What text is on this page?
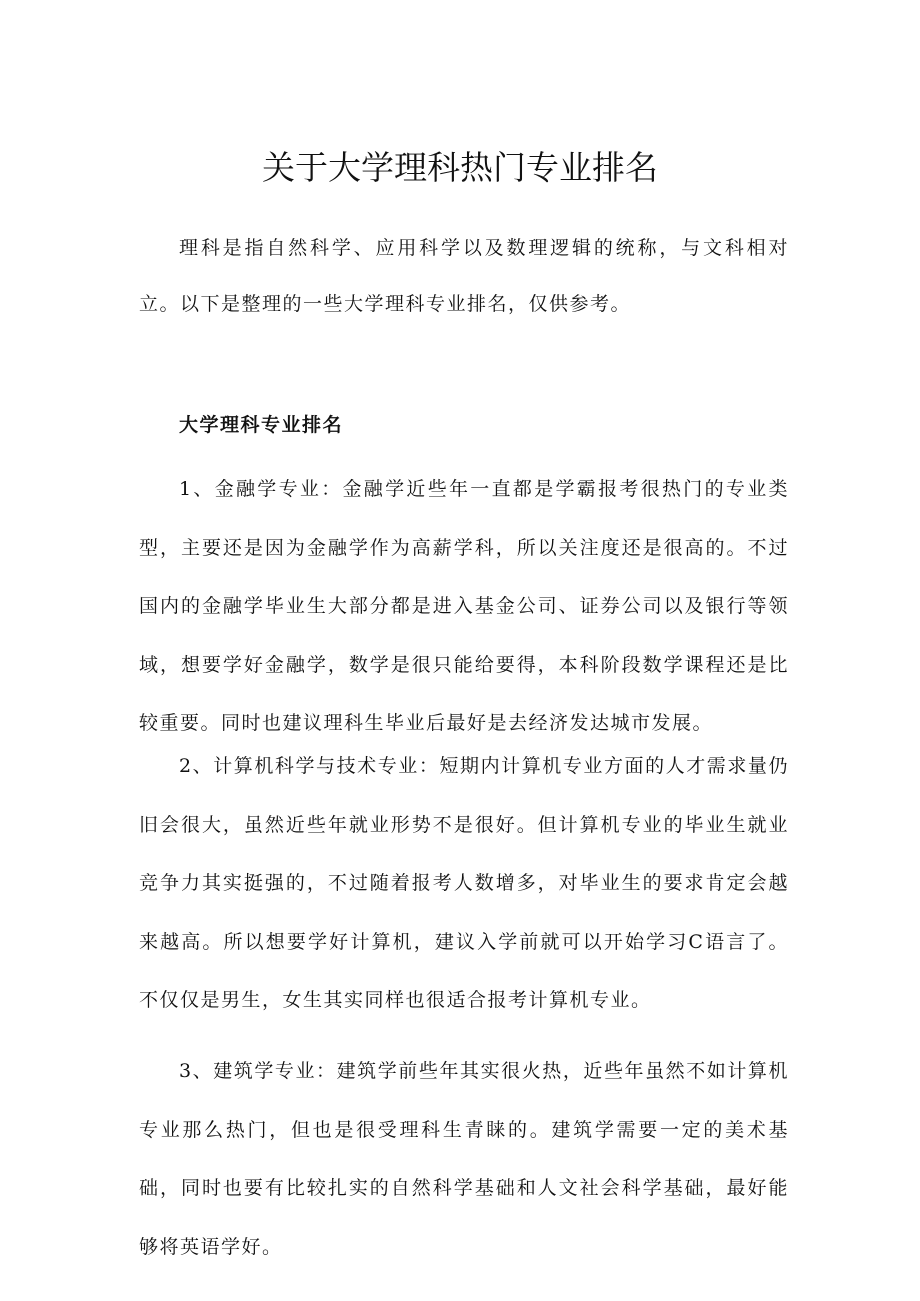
关于大学理科热门专业排名

理科是指自然科学、应用科学以及数理逻辑的统称，与文科相对立。以下是整理的一些大学理科专业排名，仅供参考。

大学理科专业排名

1、金融学专业：金融学近些年一直都是学霸报考很热门的专业类型，主要还是因为金融学作为高薪学科，所以关注度还是很高的。不过国内的金融学毕业生大部分都是进入基金公司、证券公司以及银行等领域，想要学好金融学，数学是很只能给要得，本科阶段数学课程还是比较重要。同时也建议理科生毕业后最好是去经济发达城市发展。

2、计算机科学与技术专业：短期内计算机专业方面的人才需求量仍旧会很大，虽然近些年就业形势不是很好。但计算机专业的毕业生就业竞争力其实挺强的，不过随着报考人数增多，对毕业生的要求肯定会越来越高。所以想要学好计算机，建议入学前就可以开始学习C语言了。不仅仅是男生，女生其实同样也很适合报考计算机专业。

3、建筑学专业：建筑学前些年其实很火热，近些年虽然不如计算机专业那么热门，但也是很受理科生青睐的。建筑学需要一定的美术基础，同时也要有比较扎实的自然科学基础和人文社会科学基础，最好能够将英语学好。
